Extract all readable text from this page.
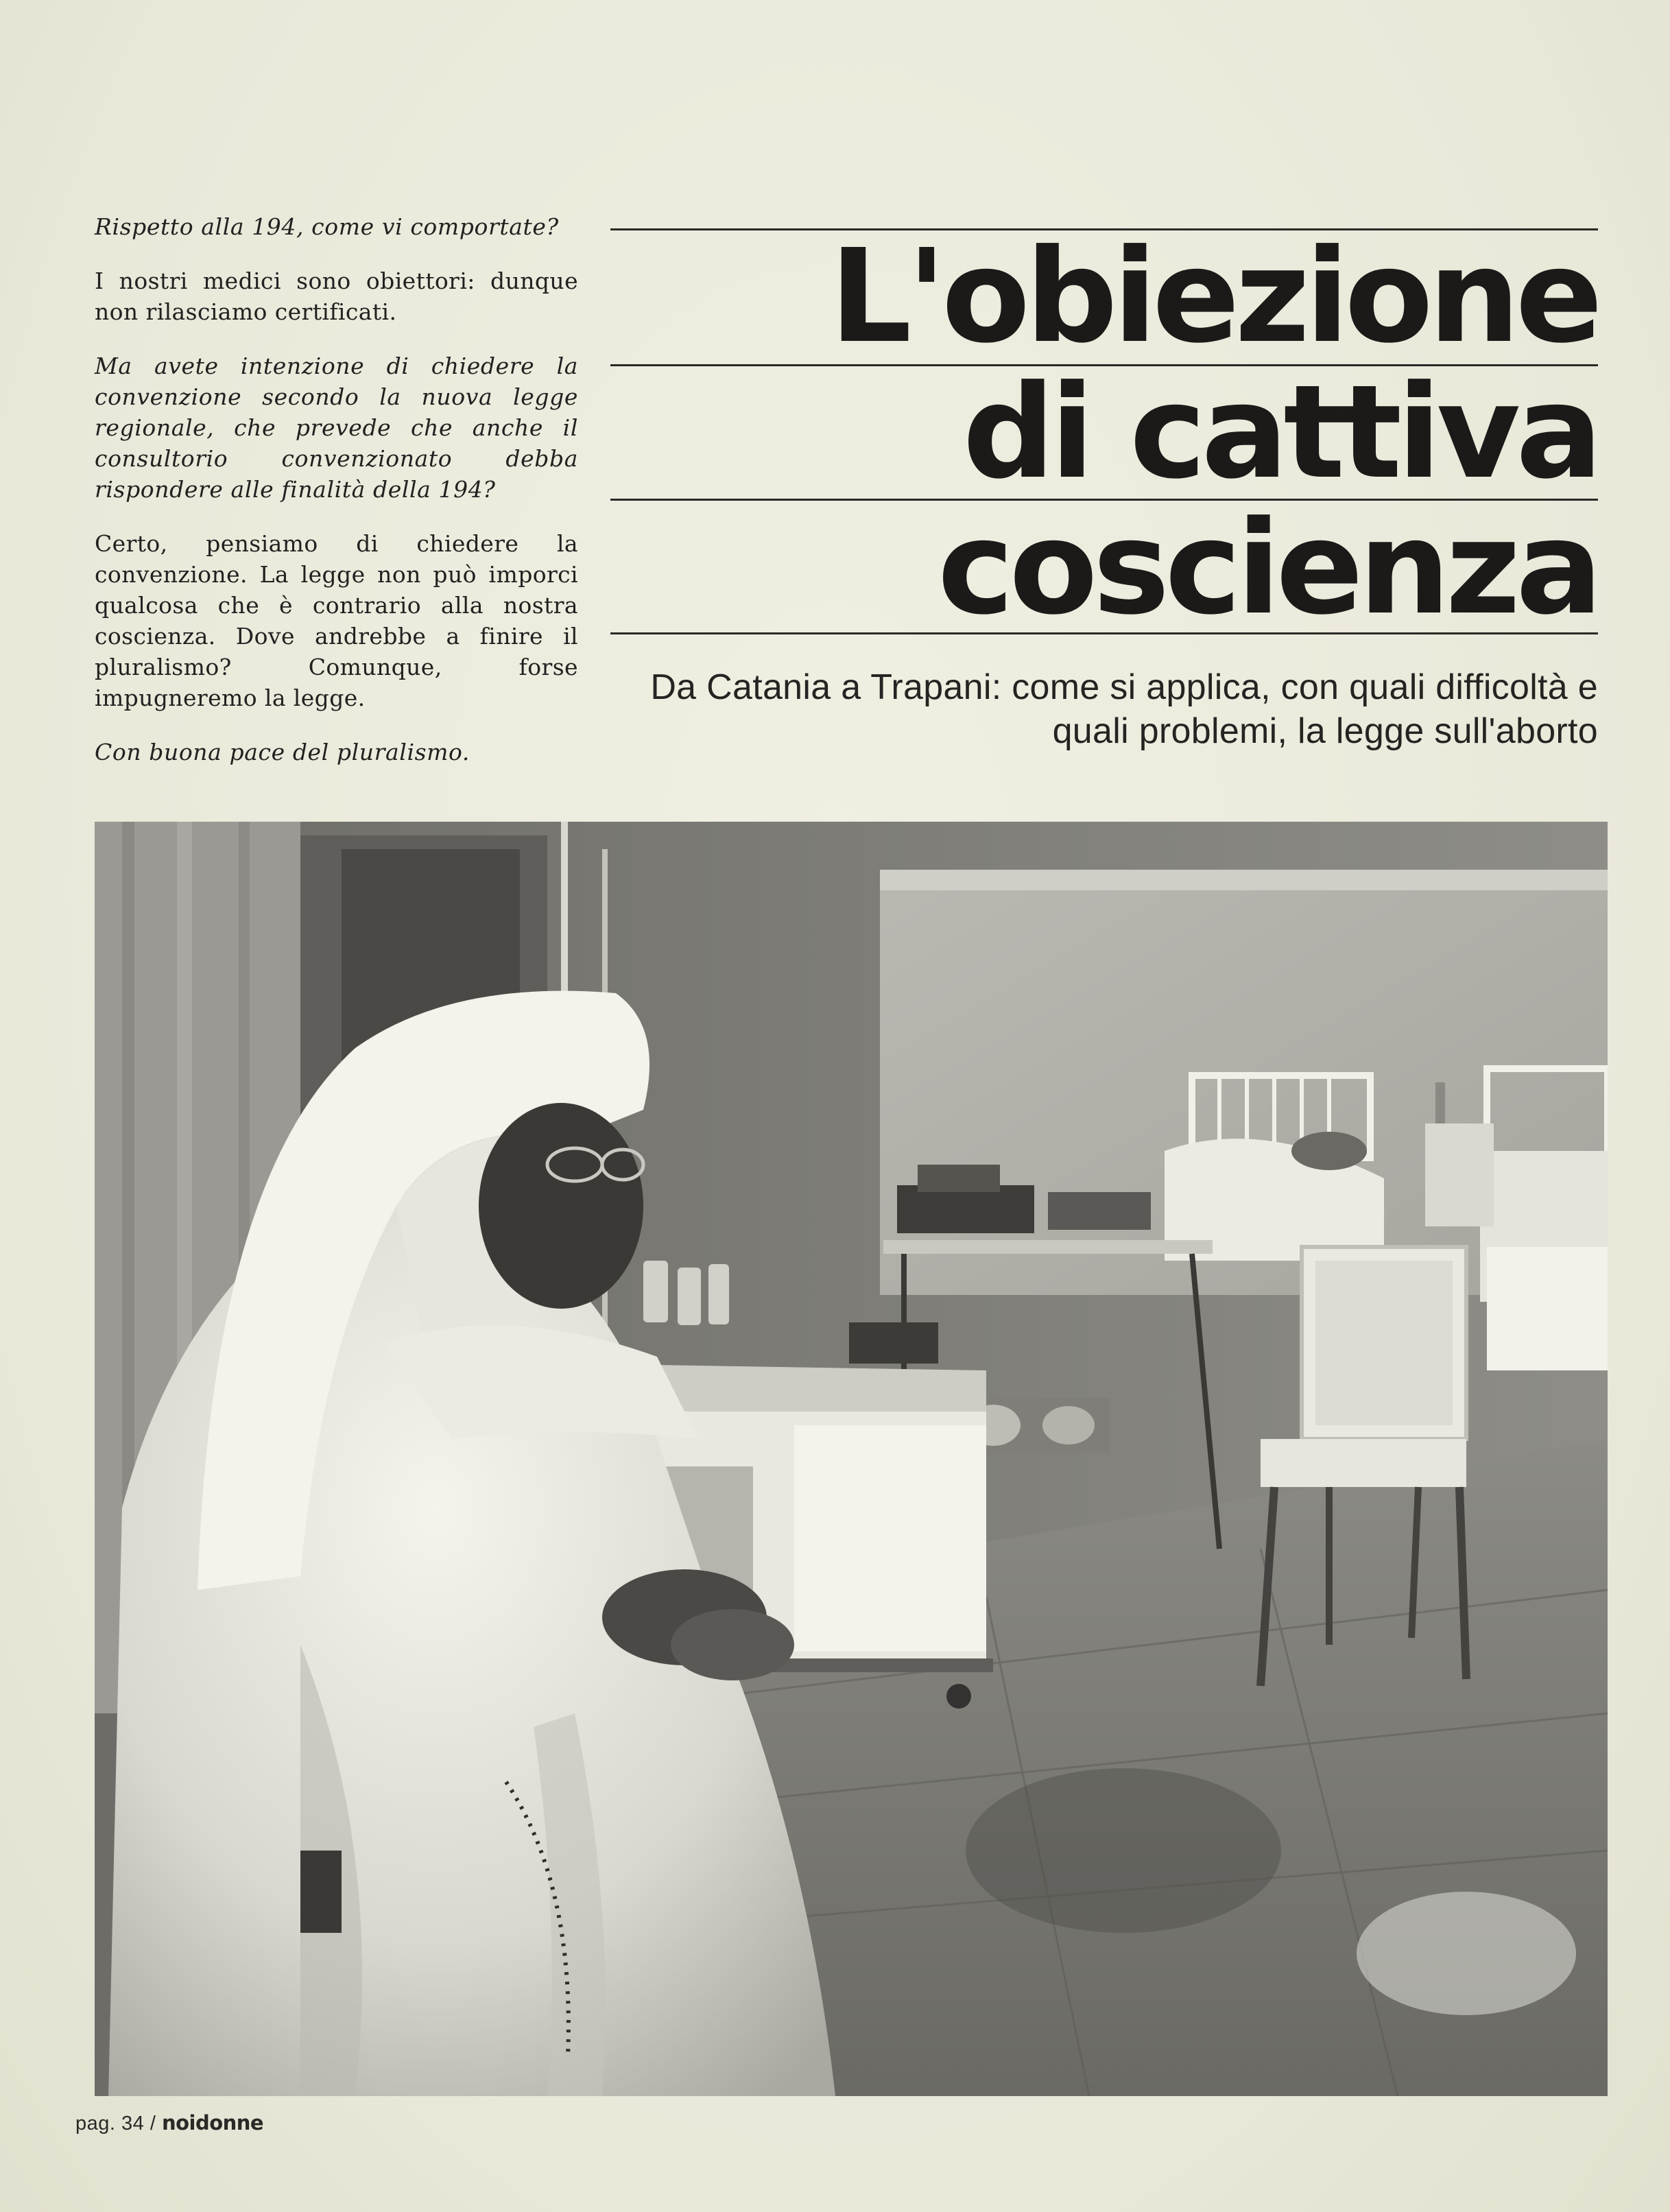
Rispetto alla 194, come vi comportate?

I nostri medici sono obiettori: dunque non rilasciamo certificati.

Ma avete intenzione di chiedere la convenzione secondo la nuova legge regionale, che prevede che anche il consultorio convenzionato debba rispondere alle finalità della 194?

Certo, pensiamo di chiedere la convenzione. La legge non può imporci qualcosa che è contrario alla nostra coscienza. Dove andrebbe a finire il pluralismo? Comunque, forse impugneremo la legge.

Con buona pace del pluralismo.

L'obiezione
di cattiva
coscienza
Da Catania a Trapani: come si applica, con quali difficoltà e quali problemi, la legge sull'aborto
pag. 34 / noidonne
